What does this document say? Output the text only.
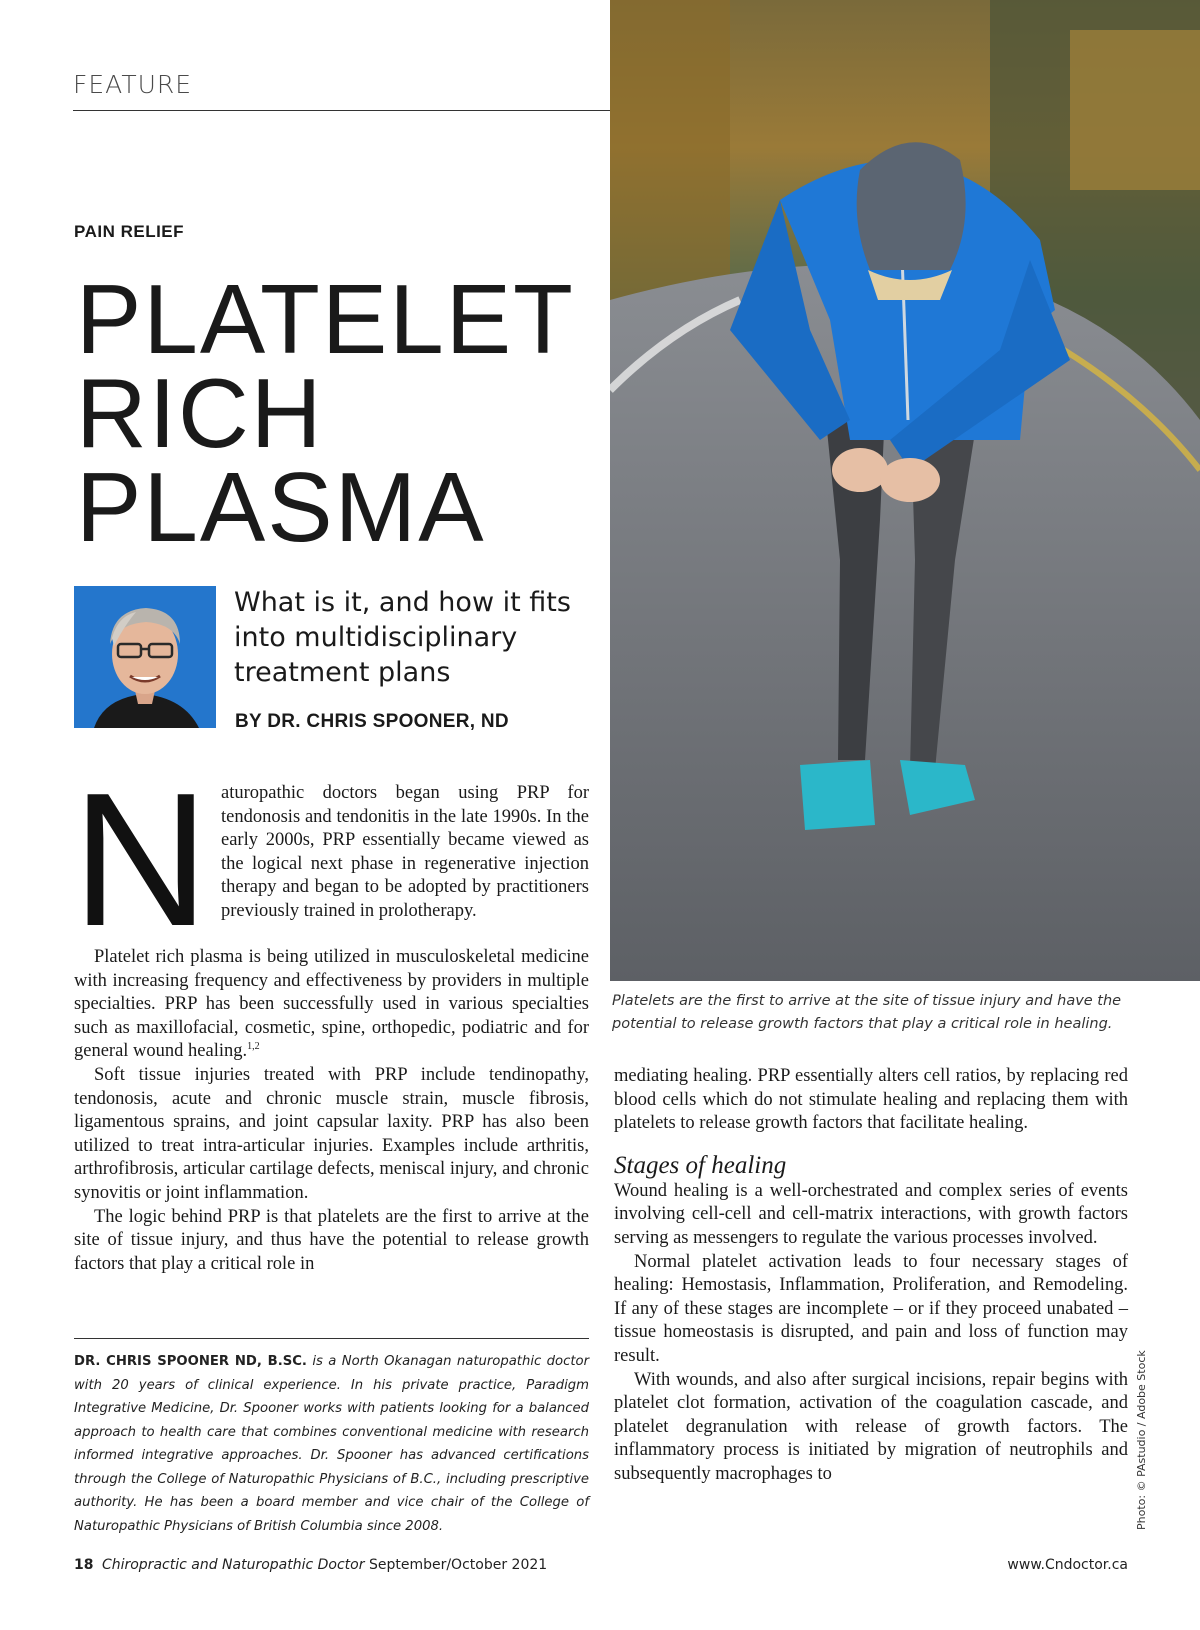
FEATURE
PAIN RELIEF
PLATELET
RICH
PLASMA
What is it, and how it fits into multidisciplinary treatment plans
BY DR. CHRIS SPOONER, ND
N aturopathic doctors began using PRP for tendonosis and tendonitis in the late 1990s. In the early 2000s, PRP essentially became viewed as the logical next phase in regenerative injection therapy and began to be adopted by practitioners previously trained in prolotherapy.

Platelet rich plasma is being utilized in musculoskeletal medicine with increasing frequency and effectiveness by providers in multiple specialties. PRP has been successfully used in various specialties such as maxillofacial, cosmetic, spine, orthopedic, podiatric and for general wound healing.$^{1,2}$

Soft tissue injuries treated with PRP include tendinopathy, tendonosis, acute and chronic muscle strain, muscle fibrosis, ligamentous sprains, and joint capsular laxity. PRP has also been utilized to treat intra-articular injuries. Examples include arthritis, arthrofibrosis, articular cartilage defects, meniscal injury, and chronic synovitis or joint inflammation.

The logic behind PRP is that platelets are the first to arrive at the site of tissue injury, and thus have the potential to release growth factors that play a critical role in

Platelets are the first to arrive at the site of tissue injury and have the potential to release growth factors that play a critical role in healing.

mediating healing. PRP essentially alters cell ratios, by replacing red blood cells which do not stimulate healing and replacing them with platelets to release growth factors that facilitate healing.

Stages of healing

Wound healing is a well-orchestrated and complex series of events involving cell-cell and cell-matrix interactions, with growth factors serving as messengers to regulate the various processes involved.

Normal platelet activation leads to four necessary stages of healing: Hemostasis, Inflammation, Proliferation, and Remodeling. If any of these stages are incomplete – or if they proceed unabated – tissue homeostasis is disrupted, and pain and loss of function may result.

With wounds, and also after surgical incisions, repair begins with platelet clot formation, activation of the coagulation cascade, and platelet degranulation with release of growth factors. The inflammatory process is initiated by migration of neutrophils and subsequently macrophages to

DR. CHRIS SPOONER ND, B.SC. is a North Okanagan naturopathic doctor with 20 years of clinical experience. In his private practice, Paradigm Integrative Medicine, Dr. Spooner works with patients looking for a balanced approach to health care that combines conventional medicine with research informed integrative approaches. Dr. Spooner has advanced certifications through the College of Naturopathic Physicians of B.C., including prescriptive authority. He has been a board member and vice chair of the College of Naturopathic Physicians of British Columbia since 2008.	Photo: © PAstudio / Adobe Stock
18 Chiropractic and Naturopathic Doctor September/October 2021	www.Cndoctor.ca
